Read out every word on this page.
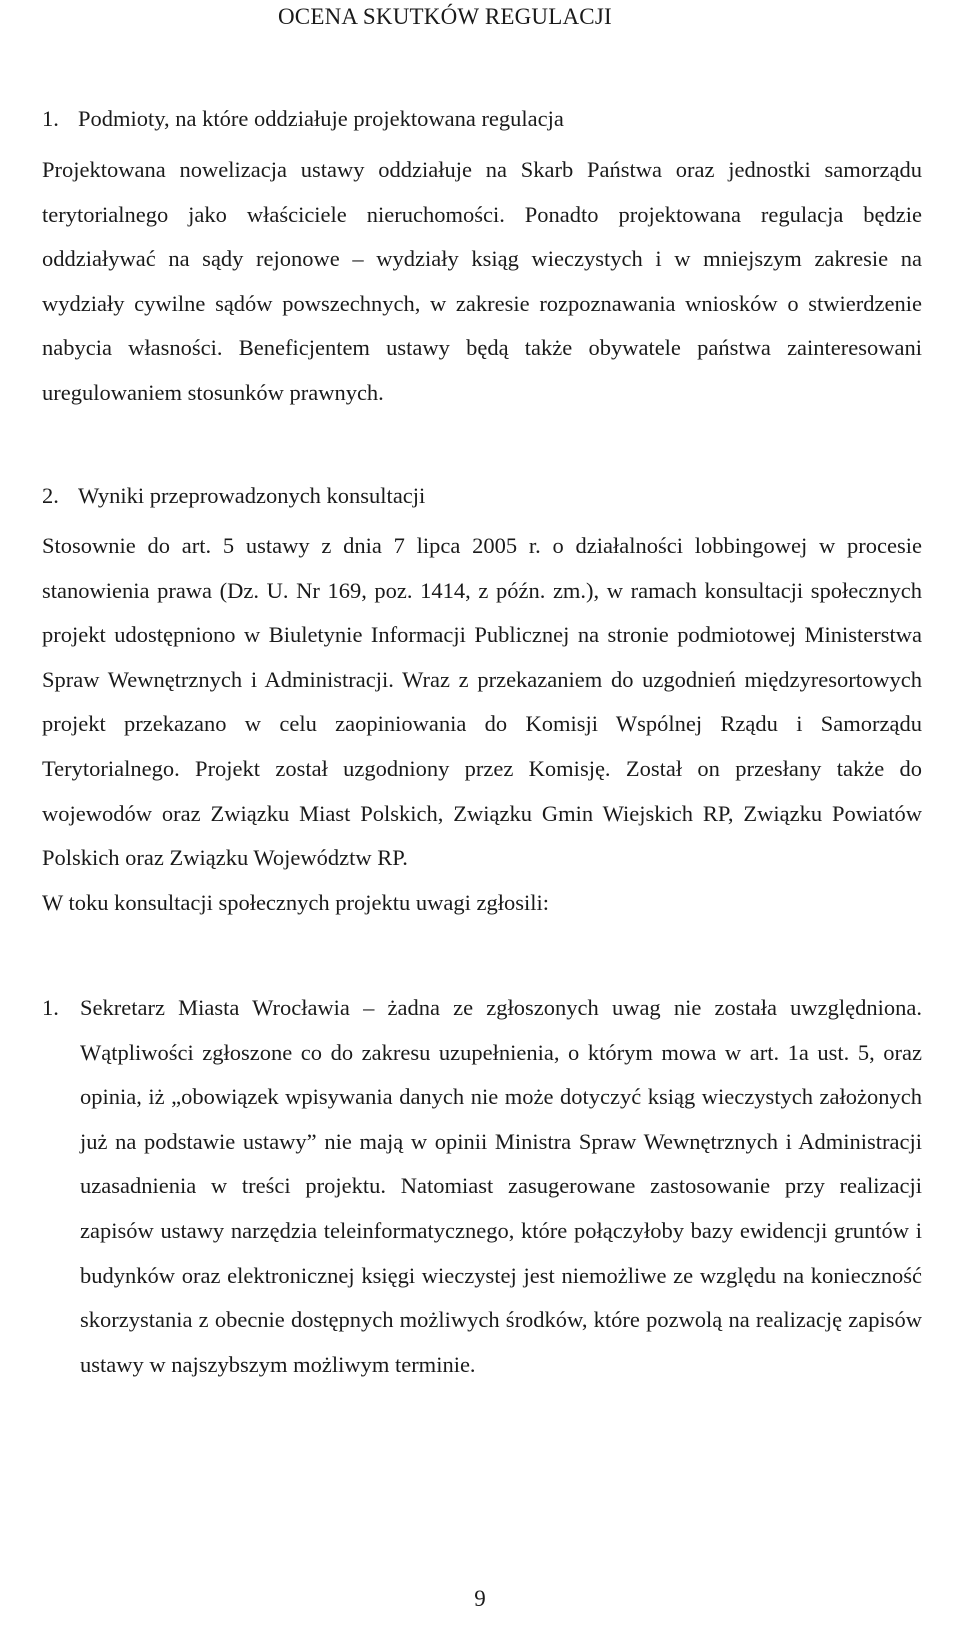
OCENA SKUTKÓW REGULACJI
1. Podmioty, na które oddziałuje projektowana regulacja

Projektowana nowelizacja ustawy oddziałuje na Skarb Państwa oraz jednostki samorządu terytorialnego jako właściciele nieruchomości. Ponadto projektowana regulacja będzie oddziaływać na sądy rejonowe – wydziały ksiąg wieczystych i w mniejszym zakresie na wydziały cywilne sądów powszechnych, w zakresie rozpoznawania wniosków o stwierdzenie nabycia własności. Beneficjentem ustawy będą także obywatele państwa zainteresowani uregulowaniem stosunków prawnych.

2. Wyniki przeprowadzonych konsultacji

Stosownie do art. 5 ustawy z dnia 7 lipca 2005 r. o działalności lobbingowej w procesie stanowienia prawa (Dz. U. Nr 169, poz. 1414, z późn. zm.), w ramach konsultacji społecznych projekt udostępniono w Biuletynie Informacji Publicznej na stronie podmiotowej Ministerstwa Spraw Wewnętrznych i Administracji. Wraz z przekazaniem do uzgodnień międzyresortowych projekt przekazano w celu zaopiniowania do Komisji Wspólnej Rządu i Samorządu Terytorialnego. Projekt został uzgodniony przez Komisję. Został on przesłany także do wojewodów oraz Związku Miast Polskich, Związku Gmin Wiejskich RP, Związku Powiatów Polskich oraz Związku Województw RP.

W toku konsultacji społecznych projektu uwagi zgłosili:

1. Sekretarz Miasta Wrocławia – żadna ze zgłoszonych uwag nie została uwzględniona. Wątpliwości zgłoszone co do zakresu uzupełnienia, o którym mowa w art. 1a ust. 5, oraz opinia, iż „obowiązek wpisywania danych nie może dotyczyć ksiąg wieczystych założonych już na podstawie ustawy” nie mają w opinii Ministra Spraw Wewnętrznych i Administracji uzasadnienia w treści projektu. Natomiast zasugerowane zastosowanie przy realizacji zapisów ustawy narzędzia teleinformatycznego, które połączyłoby bazy ewidencji gruntów i budynków oraz elektronicznej księgi wieczystej jest niemożliwe ze względu na konieczność skorzystania z obecnie dostępnych możliwych środków, które pozwolą na realizację zapisów ustawy w najszybszym możliwym terminie.

9
